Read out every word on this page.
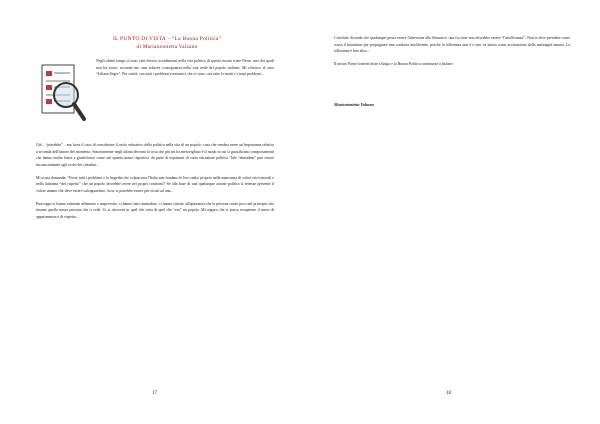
IL PUNTO DI VISTA – “La Buona Politica”
di Mariantonietta Valzano

Negli ultimi tempi si sono visti diversi accadimenti nella vita politica di questo nostro triste Paese, uno dei quali non ha avuto, secondo me, una relativa conseguenza nella vita reale del popolo italiano. Mi riferisco al caso “Liliana Segre”. Per carità, con tutti i problemi economici che ci sono, con tutte le morti e i tanti problemi...

Già – “potrebbe” – ma forse il caso di considerare il ruolo educativo della politica nella vita di un popolo, cosa che sembra avere un'importanza relativa a seconda dell'umore del momento. Sinceramente negli ultimi decenni la cosa che più mi ha meravigliato è il modo in cui si giustificano comportamenti che hanno molta fatica a giustificarsi come atti quanto meno rispettosi, da parte di esponenti di varia estrazione politica. Tale “abitudine” può essere inconsciamente agli occhi dei cittadini...

Mi si ma domanda: “Forse tutti i problemi e la tragedia che colpiscono l'Italia non fondano le loro radici proprio nella mancanza di valori etico-morali e nella latitanza “del rispetto” che un popolo dovrebbe avere nei propri confronti? Se alla base di una qualunque azione politica si tenesse presente il valore umano che deve essere salvaguardato, forse si potrebbe essere più vicini ad una...

Purtroppo si hanno talmente affannato e impoverito, si hanno fatto ammalare, ci hanno ridotto all'ignoranza che la persona conta poco nel principio che rimane quella stessa persona che ti vede. Ci si ritroverà in quel che resta di quel che “era” un popolo. Mi auguro che si possa recuperare il senso di appartenenza e di rispetto...

17

Concludo dicendo che qualunque possa essere l'obiezione alla Senatrice, una fra tutte non dovrebbe essere “l'intolleranza”. Non si deve prendere come scusa il buonismo per propugnare una condotta intollerante, perché la tolleranza non è e non va intesa come accettazione della malvagità umana. La tolleranza è ben altro...

Il nostro Paese tornerà triste a lungo e la Buona Politica continuerà a latitare.

Mariantonietta Valzano
18
